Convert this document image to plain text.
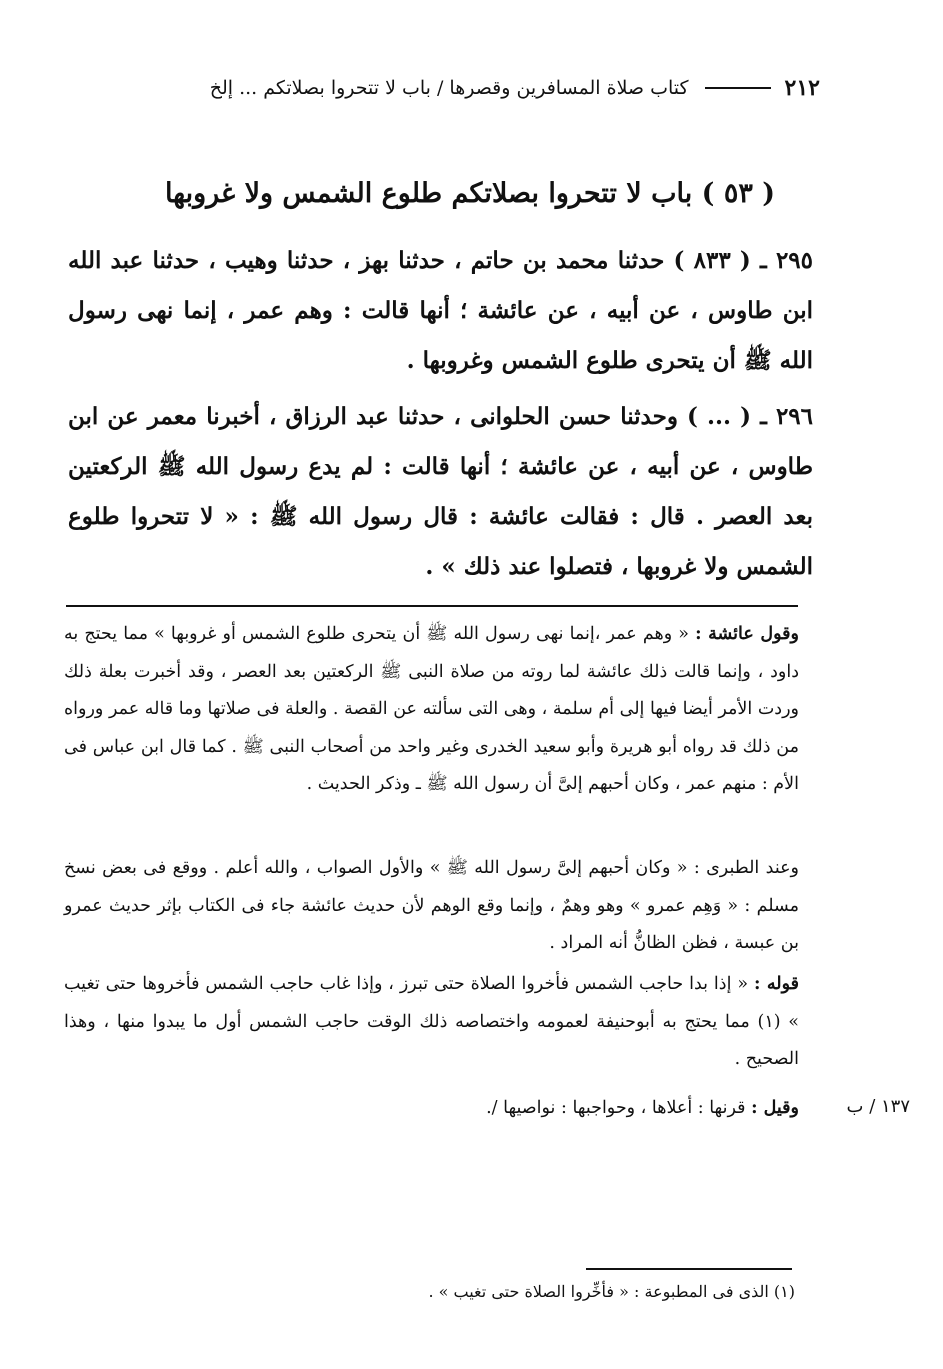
٢١٢
كتاب صلاة المسافرين وقصرها / باب لا تتحروا بصلاتكم ... إلخ
( ٥٣ ) باب لا تتحروا بصلاتكم طلوع الشمس ولا غروبها
٢٩٥ ـ ( ٨٣٣ ) حدثنا محمد بن حاتم ، حدثنا بهز ، حدثنا وهيب ، حدثنا عبد الله ابن طاوس ، عن أبيه ، عن عائشة ؛ أنها قالت : وهم عمر ، إنما نهى رسول الله ﷺ أن يتحرى طلوع الشمس وغروبها .
٢٩٦ ـ ( ... ) وحدثنا حسن الحلوانى ، حدثنا عبد الرزاق ، أخبرنا معمر عن ابن طاوس ، عن أبيه ، عن عائشة ؛ أنها قالت : لم يدع رسول الله ﷺ الركعتين بعد العصر . قال : فقالت عائشة : قال رسول الله ﷺ : « لا تتحروا طلوع الشمس ولا غروبها ، فتصلوا عند ذلك » .
وقول عائشة : « وهم عمر ،إنما نهى رسول الله ﷺ أن يتحرى طلوع الشمس أو غروبها » مما يحتج به داود ، وإنما قالت ذلك عائشة لما روته من صلاة النبى ﷺ الركعتين بعد العصر ، وقد أخبرت بعلة ذلك وردت الأمر أيضا فيها إلى أم سلمة ، وهى التى سألته عن القصة . والعلة فى صلاتها وما قاله عمر ورواه من ذلك قد رواه أبو هريرة وأبو سعيد الخدرى وغير واحد من أصحاب النبى ﷺ . كما قال ابن عباس فى الأم : منهم عمر ، وكان أحبهم إلىَّ أن رسول الله ﷺ ـ وذكر الحديث .
وعند الطبرى : « وكان أحبهم إلىَّ رسول الله ﷺ » والأول الصواب ، والله أعلم . ووقع فى بعض نسخ مسلم : « وَهِم عمرو » وهو وهمٌ ، وإنما وقع الوهم لأن حديث عائشة جاء فى الكتاب بإثر حديث عمرو بن عبسة ، فظن الظانُّ أنه المراد .
قوله : « إذا بدا حاجب الشمس فأخروا الصلاة حتى تبرز ، وإذا غاب حاجب الشمس فأخروها حتى تغيب » (١) مما يحتج به أبوحنيفة لعمومه واختصاصه ذلك الوقت حاجب الشمس أول ما يبدوا منها ، وهذا الصحيح .
وقيل : قرنها : أعلاها ، وحواجبها : نواصيها /.	١٣٧ / ب
(١) الذى فى المطبوعة : « فأخِّروا الصلاة حتى تغيب » .
